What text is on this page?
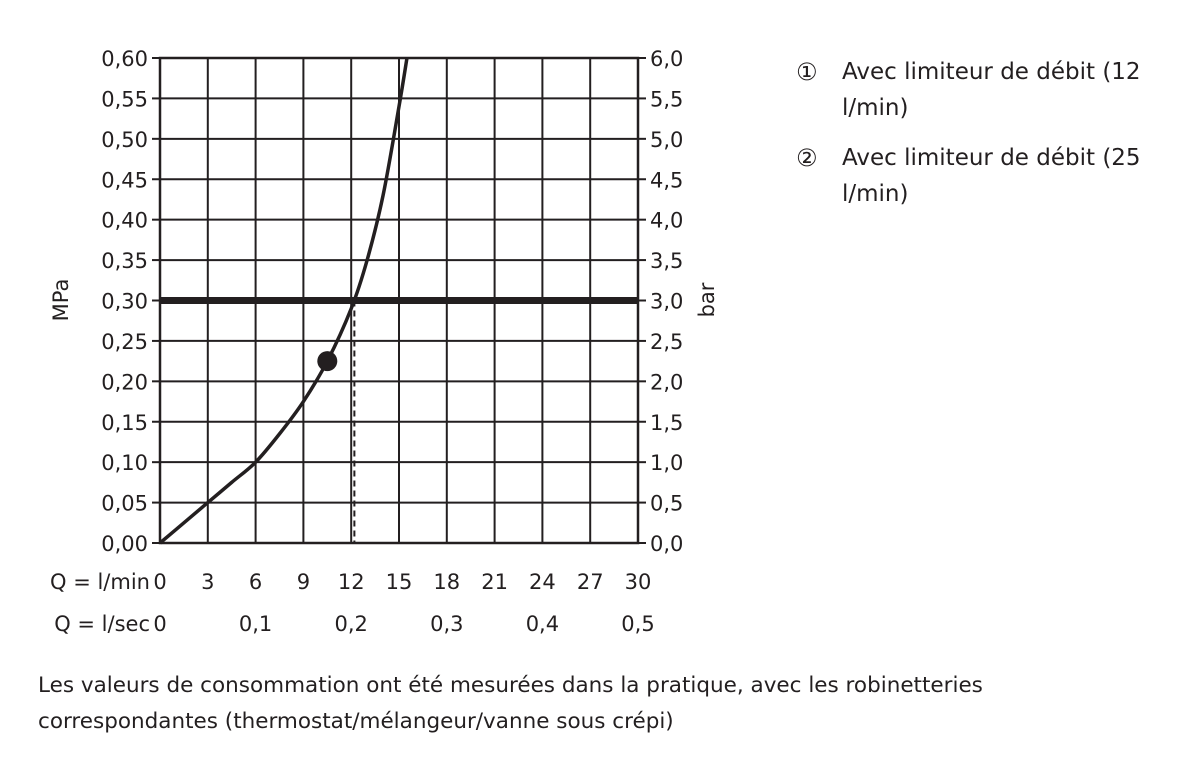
0,00	0,0
0,05	0,5
0,10	1,0
0,15	1,5
0,20	2,0
0,25	2,5
0,30	3,0
0,35	3,5
0,40	4,0
0,45	4,5
0,50	5,0
0,55	5,5
0,60	6,0
Q = l/min 0 3 6 9 12 15 18 21 24 27 30
Q = l/sec 0	0,1	0,2	0,3	0,4	0,5
MPa	bar
①	Avec limiteur de débit (12 l/min)
②	Avec limiteur de débit (25 l/min)
Les valeurs de consommation ont été mesurées dans la pratique, avec les robinetteries correspondantes (thermostat/mélangeur/vanne sous crépi)
